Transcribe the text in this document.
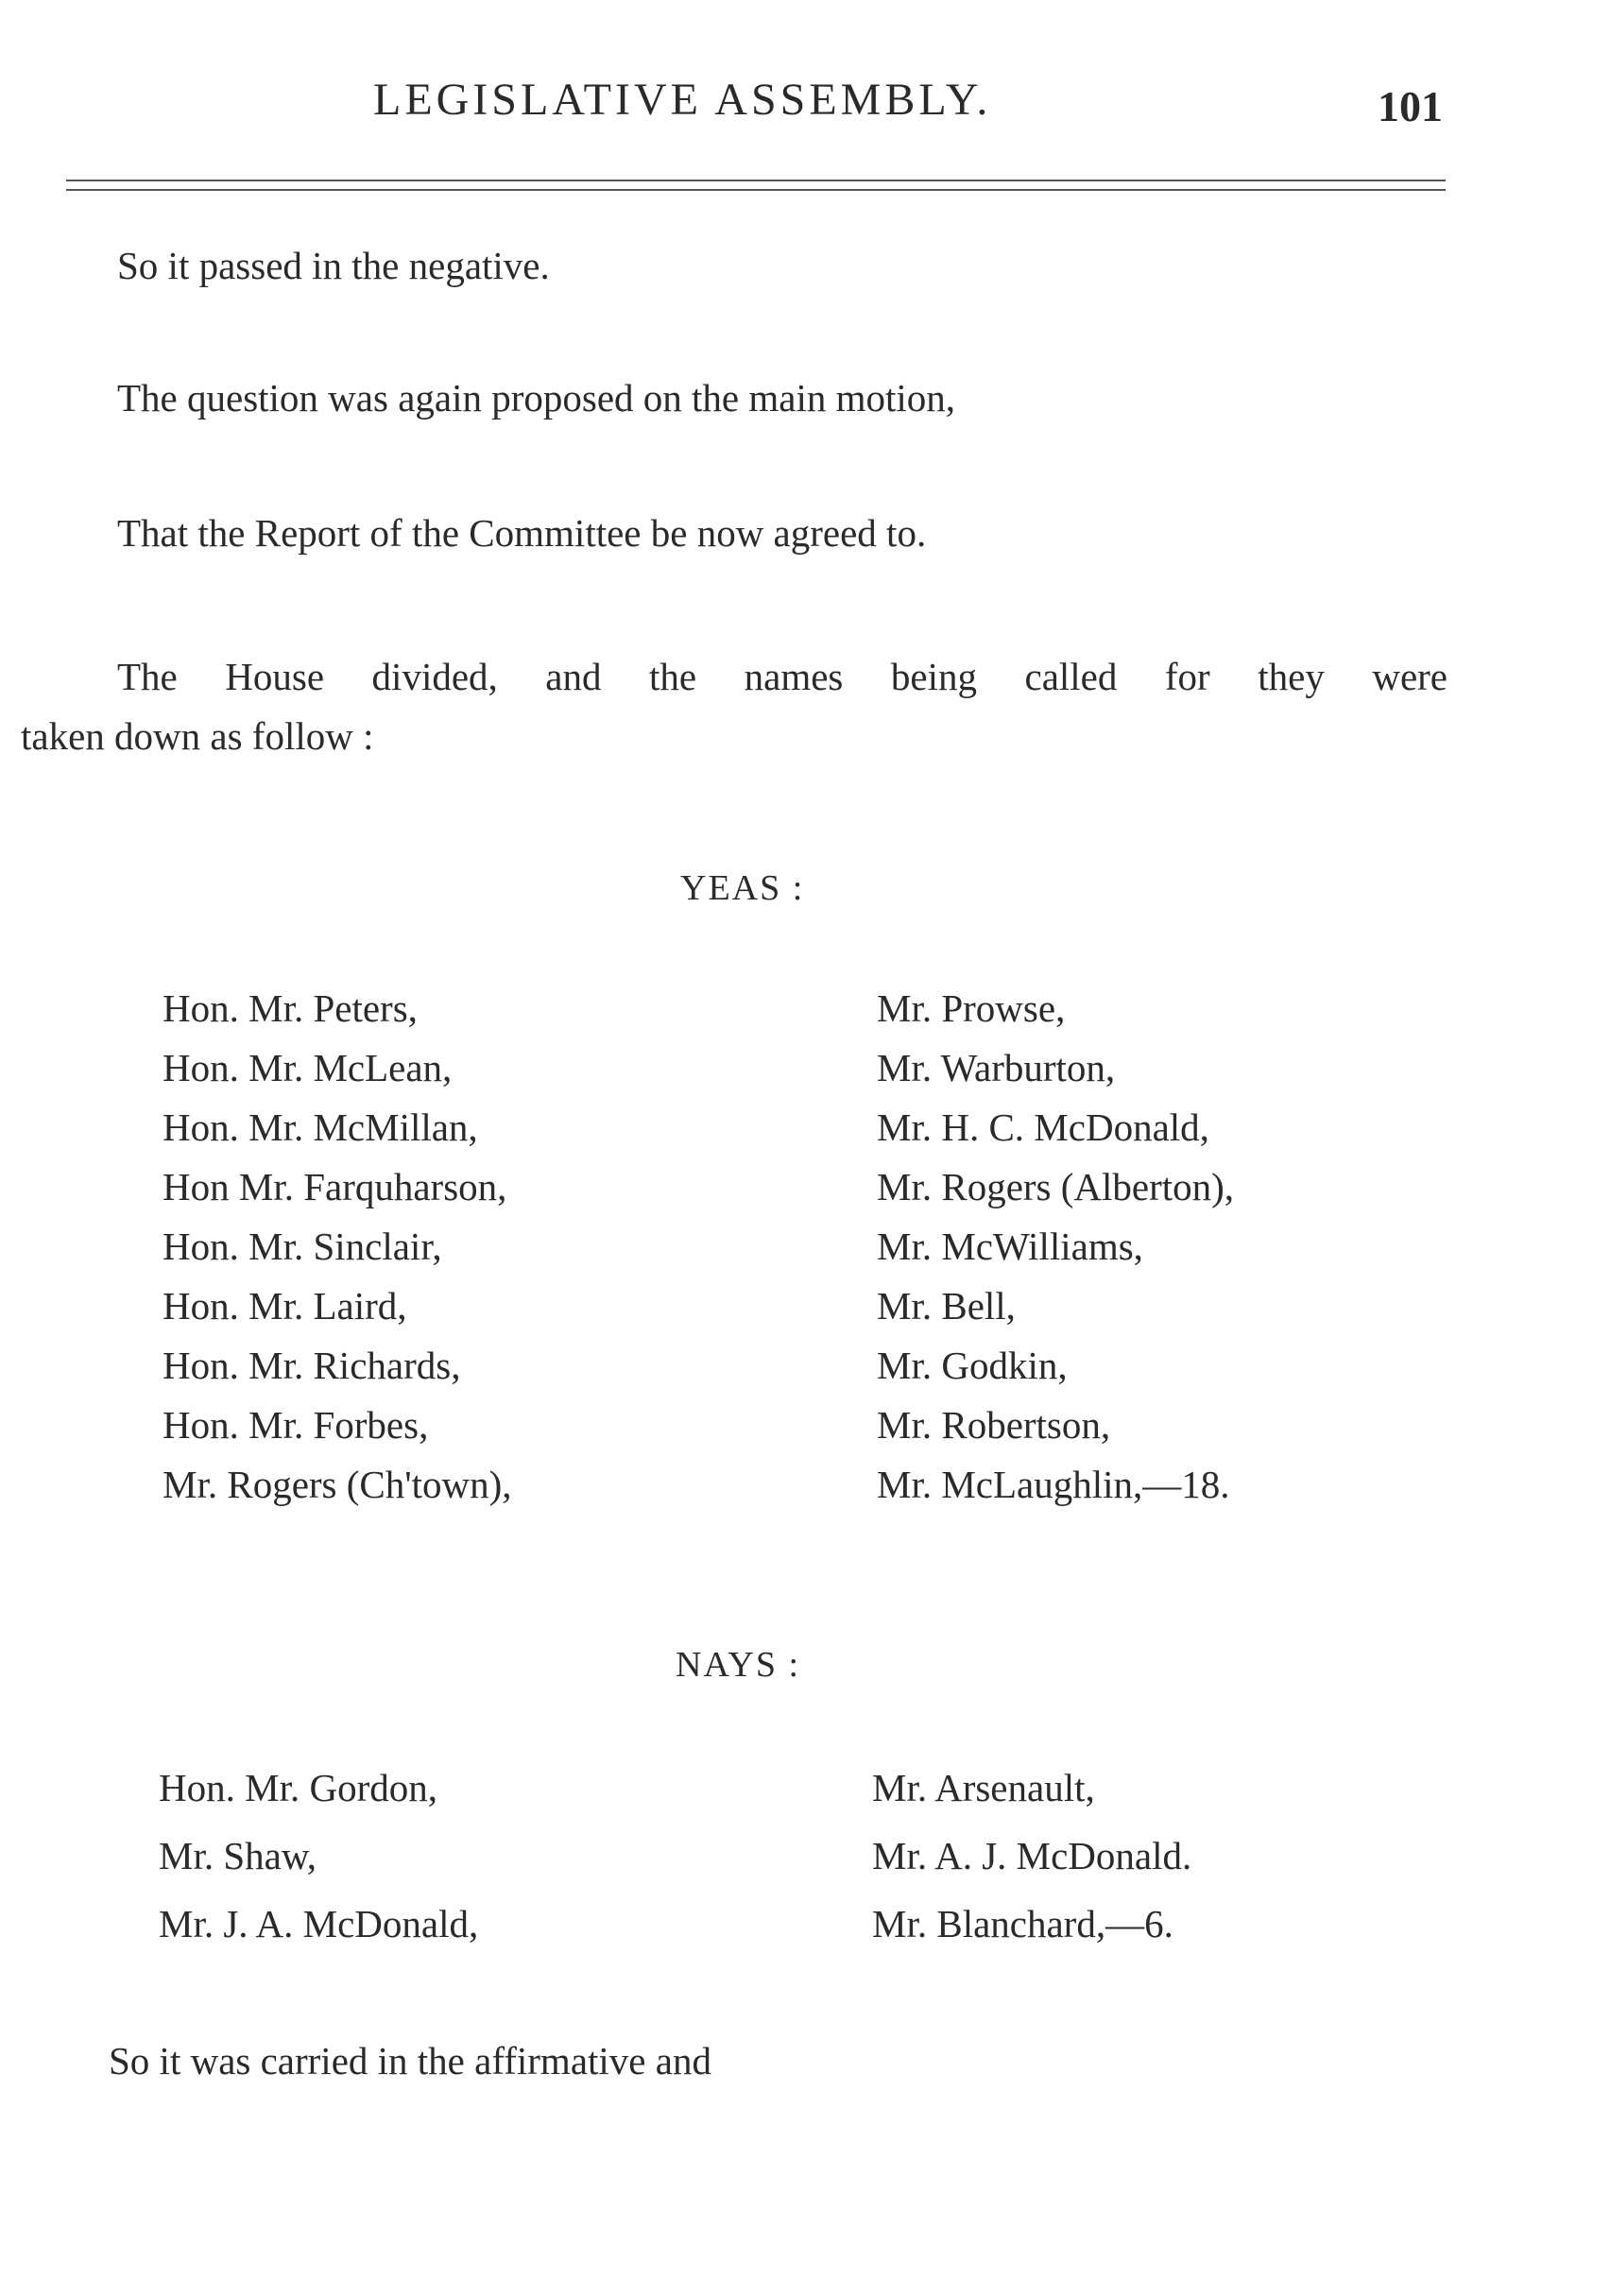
LEGISLATIVE ASSEMBLY.	101
So it passed in the negative.
The question was again proposed on the main motion,
That the Report of the Committee be now agreed to.
The House divided, and the names being called for they were
taken down as follow :
YEAS :
Hon. Mr. Peters,
Hon. Mr. McLean,
Hon. Mr. McMillan,
Hon Mr. Farquharson,
Hon. Mr. Sinclair,
Hon. Mr. Laird,
Hon. Mr. Richards,
Hon. Mr. Forbes,
Mr. Rogers (Ch'town),
Mr. Prowse,
Mr. Warburton,
Mr. H. C. McDonald,
Mr. Rogers (Alberton),
Mr. McWilliams,
Mr. Bell,
Mr. Godkin,
Mr. Robertson,
Mr. McLaughlin,—18.
NAYS :
Hon. Mr. Gordon,
Mr. Shaw,
Mr. J. A. McDonald,
Mr. Arsenault,
Mr. A. J. McDonald.
Mr. Blanchard,—6.
So it was carried in the affirmative and
